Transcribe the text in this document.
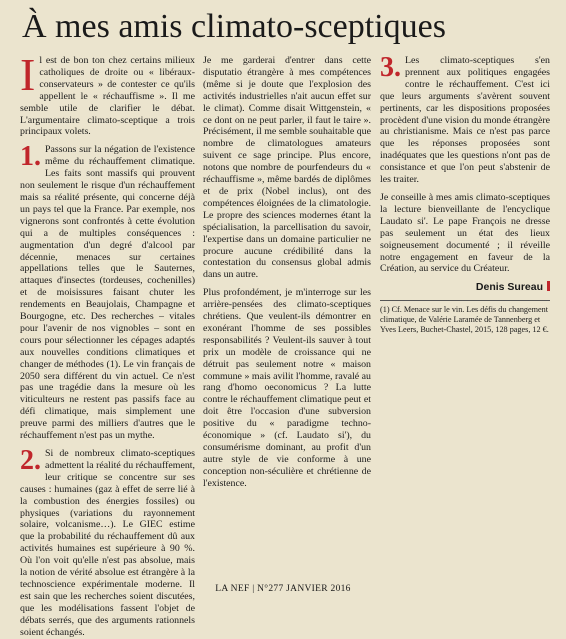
À mes amis climato-sceptiques

Il est de bon ton chez certains milieux catholiques de droite ou « libéraux-conservateurs » de contester ce qu'ils appellent le « réchauffisme ». Il me semble utile de clarifier le débat. L'argumentaire climato-sceptique a trois principaux volets.

1. Passons sur la négation de l'existence même du réchauffement climatique. Les faits sont massifs qui prouvent non seulement le risque d'un réchauffement mais sa réalité présente, qui concerne déjà un pays tel que la France. Par exemple, nos vignerons sont confrontés à cette évolution qui a de multiples conséquences : augmentation d'un degré d'alcool par décennie, menaces sur certaines appellations telles que le Sauternes, attaques d'insectes (tordeuses, cochenilles) et de moisissures faisant chuter les rendements en Beaujolais, Champagne et Bourgogne, etc. Des recherches – vitales pour l'avenir de nos vignobles – sont en cours pour sélectionner les cépages adaptés aux nouvelles conditions climatiques et changer de méthodes (1). Le vin français de 2050 sera différent du vin actuel. Ce n'est pas une tragédie dans la mesure où les viticulteurs ne restent pas passifs face au défi climatique, mais simplement une preuve parmi des milliers d'autres que le réchauffement n'est pas un mythe.

2. Si de nombreux climato-sceptiques admettent la réalité du réchauffement, leur critique se concentre sur ses causes : humaines (gaz à effet de serre lié à la combustion des énergies fossiles) ou physiques (variations du rayonnement solaire, volcanisme…). Le GIEC estime que la probabilité du réchauffement dû aux activités humaines est supérieure à 90 %. Où l'on voit qu'elle n'est pas absolue, mais la notion de vérité absolue est étrangère à la technoscience expérimentale moderne. Il est sain que les recherches soient discutées, que les modélisations fassent l'objet de débats serrés, que des arguments rationnels soient échangés.

Je me garderai d'entrer dans cette disputatio étrangère à mes compétences (même si je doute que l'explosion des activités industrielles n'ait aucun effet sur le climat). Comme disait Wittgenstein, « ce dont on ne peut parler, il faut le taire ». Précisément, il me semble souhaitable que nombre de climatologues amateurs suivent ce sage principe. Plus encore, notons que nombre de pourfendeurs du « réchauffisme », même bardés de diplômes et de prix (Nobel inclus), ont des compétences éloignées de la climatologie. Le propre des sciences modernes étant la spécialisation, la parcellisation du savoir, l'expertise dans un domaine particulier ne procure aucune crédibilité dans la contestation du consensus global admis dans un autre.

Plus profondément, je m'interroge sur les arrière-pensées des climato-sceptiques chrétiens. Que veulent-ils démontrer en exonérant l'homme de ses possibles responsabilités ? Veulent-ils sauver à tout prix un modèle de croissance qui ne détruit pas seulement notre « maison commune » mais avilit l'homme, ravalé au rang d'homo oeconomicus ? La lutte contre le réchauffement climatique peut et doit être l'occasion d'une subversion positive du « paradigme techno-économique » (cf. Laudato si'), du consumérisme dominant, au profit d'un autre style de vie conforme à une conception non-séculière et chrétienne de l'existence.

3. Les climato-sceptiques s'en prennent aux politiques engagées contre le réchauffement. C'est ici que leurs arguments s'avèrent souvent pertinents, car les dispositions proposées procèdent d'une vision du monde étrangère au christianisme. Mais ce n'est pas parce que les réponses proposées sont inadéquates que les questions n'ont pas de consistance et que l'on peut s'abstenir de les traiter.

Je conseille à mes amis climato-sceptiques la lecture bienveillante de l'encyclique Laudato si'. Le pape François ne dresse pas seulement un état des lieux soigneusement documenté ; il réveille notre engagement en faveur de la Création, au service du Créateur.

Denis Sureau
(1) Cf. Menace sur le vin. Les défis du changement climatique, de Valérie Laramée de Tannenberg et Yves Leers, Buchet-Chastel, 2015, 128 pages, 12 €.
LA NEF | N°277 JANVIER 2016
